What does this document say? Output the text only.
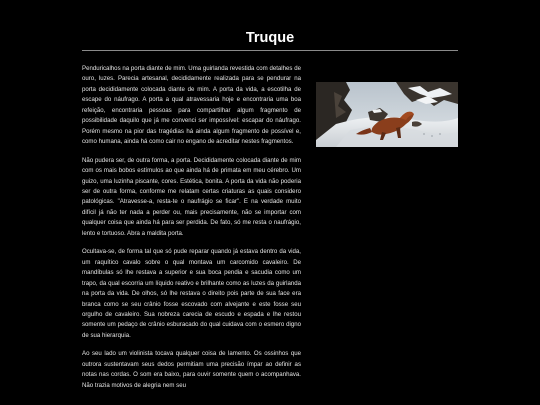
Truque

Penduricalhos na porta diante de mim. Uma guirlanda revestida com detalhes de ouro, luzes. Parecia artesanal, decididamente realizada para se pendurar na porta decididamente colocada diante de mim. A porta da vida, a escotilha de escape do náufrago. A porta a qual atravessaria hoje e encontraria uma boa refeição, encontraria pessoas para compartilhar algum fragmento de possibilidade daquilo que já me convenci ser impossível: escapar do náufrago. Porém mesmo na pior das tragédias há ainda algum fragmento de possível e, como humana, ainda há como cair no engano de acreditar nestes fragmentos.

Não pudera ser, de outra forma, a porta. Decididamente colocada diante de mim com os mais bobos estímulos ao que ainda há de primata em meu cérebro. Um guizo, uma luzinha piscante, cores. Estética, bonita. A porta da vida não poderia ser de outra forma, conforme me relatam certas criaturas as quais considero patológicas. "Atravesse-a, resta-te o naufrágio se ficar". E na verdade muito difícil já não ter nada a perder ou, mais precisamente, não se importar com qualquer coisa que ainda há para ser perdida. De fato, só me resta o naufrágio, lento e tortuoso. Abra a maldita porta.

Ocultava-se, de forma tal que só pude reparar quando já estava dentro da vida, um raquítico cavalo sobre o qual montava um carcomido cavaleiro. De mandíbulas só lhe restava a superior e sua boca pendia e sacudia como um trapo, da qual escorria um líquido reativo e brilhante como as luzes da guirlanda na porta da vida. De olhos, só lhe restava o direito pois parte de sua face era branca como se seu crânio fosse escovado com alvejante e este fosse seu orgulho de cavaleiro. Sua nobreza carecia de escudo e espada e lhe restou somente um pedaço de crânio esburacado do qual cuidava com o esmero digno de sua hierarquia.

Ao seu lado um violinista tocava qualquer coisa de lamento. Os ossinhos que outrora sustentavam seus dedos permitiam uma precisão ímpar ao definir as notas nas cordas. O som era baixo, para ouvir somente quem o acompanhava. Não trazia motivos de alegria nem seu
